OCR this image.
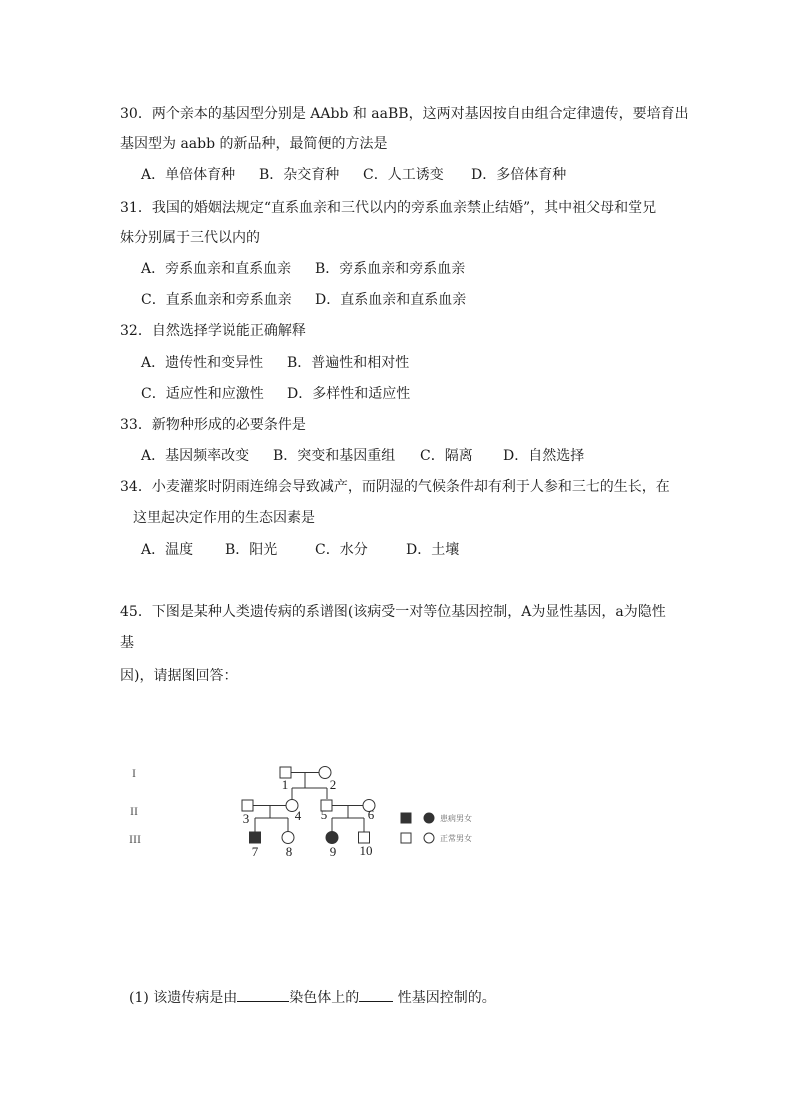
30．两个亲本的基因型分别是 AAbb 和 aaBB，这两对基因按自由组合定律遗传，要培育出
基因型为 aabb 的新品种，最简便的方法是
A．单倍体育种 B．杂交育种 C．人工诱变 D．多倍体育种
31．我国的婚姻法规定“直系血亲和三代以内的旁系血亲禁止结婚”，其中祖父母和堂兄
妹分别属于三代以内的
A．旁系血亲和直系血亲 B．旁系血亲和旁系血亲
C．直系血亲和旁系血亲 D．直系血亲和直系血亲
32．自然选择学说能正确解释
A．遗传性和变异性 B．普遍性和相对性
C．适应性和应激性 D．多样性和适应性
33．新物种形成的必要条件是
A．基因频率改变 B．突变和基因重组 C．隔离 D．自然选择
34．小麦灌浆时阴雨连绵会导致减产，而阴湿的气候条件却有利于人参和三七的生长，在
这里起决定作用的生态因素是
A．温度 B．阳光	C．水分	D．土壤
45．下图是某种人类遗传病的系谱图(该病受一对等位基因控制，A为显性基因，a为隐性
基
因)，请据图回答：
I
II
III
1	2
3	4 5	6
7 8	9 10
患病男女
正常男女
(1) 该遗传病是由	染色体上的 性基因控制的。
